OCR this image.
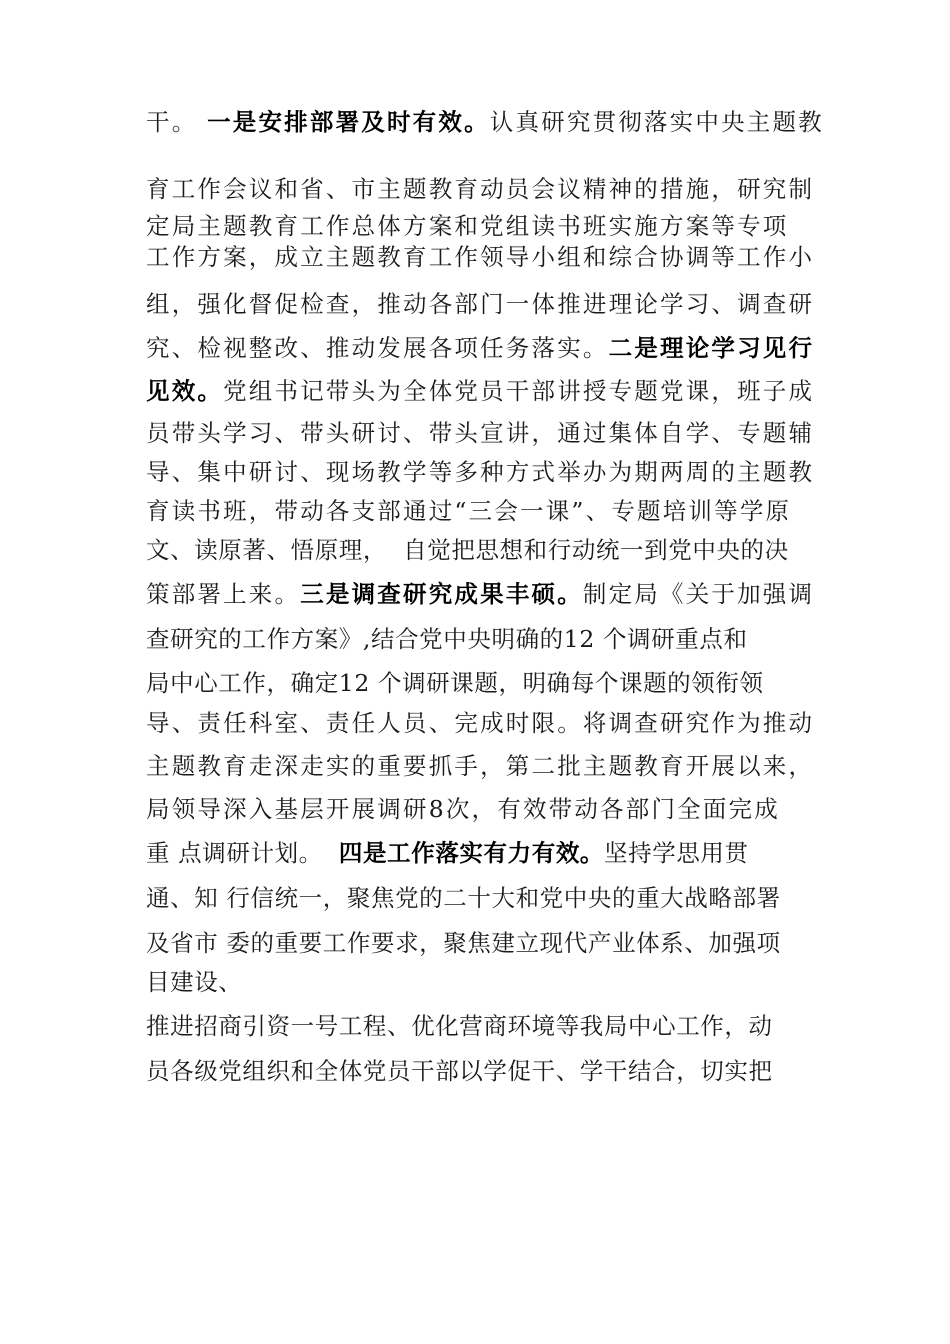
干。 一是安排部署及时有效。认真研究贯彻落实中央主题教
育工作会议和省、市主题教育动员会议精神的措施，研究制
定局主题教育工作总体方案和党组读书班实施方案等专项
工作方案，成立主题教育工作领导小组和综合协调等工作小
组，强化督促检查，推动各部门一体推进理论学习、调查研
究、检视整改、推动发展各项任务落实。二是理论学习见行
见效。党组书记带头为全体党员干部讲授专题党课，班子成
员带头学习、带头研讨、带头宣讲，通过集体自学、专题辅
导、集中研讨、现场教学等多种方式举办为期两周的主题教
育读书班，带动各支部通过“三会一课”、专题培训等学原
文、读原著、悟原理，  自觉把思想和行动统一到党中央的决
策部署上来。三是调查研究成果丰硕。制定局《关于加强调
查研究的工作方案》,结合党中央明确的12 个调研重点和
局中心工作，确定12 个调研课题，明确每个课题的领衔领
导、责任科室、责任人员、完成时限。将调查研究作为推动
主题教育走深走实的重要抓手，第二批主题教育开展以来，
局领导深入基层开展调研8次，有效带动各部门全面完成
重 点调研计划。  四是工作落实有力有效。坚持学思用贯
通、知 行信统一，聚焦党的二十大和党中央的重大战略部署
及省市 委的重要工作要求，聚焦建立现代产业体系、加强项
目建设、
推进招商引资一号工程、优化营商环境等我局中心工作，动
员各级党组织和全体党员干部以学促干、学干结合，切实把
